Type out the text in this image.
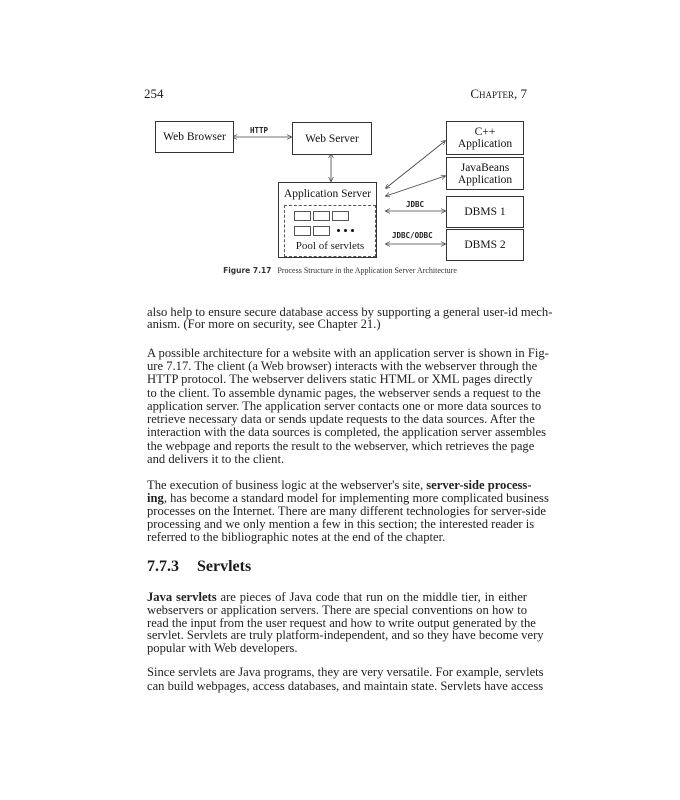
254	Chapter, 7
Web Browser
HTTP
Web Server
C++
Application
JavaBeans
Application
Application Server
Pool of servlets
JDBC
DBMS 1
JDBC/ODBC
DBMS 2
Figure 7.17 Process Structure in the Application Server Architecture
also help to ensure secure database access by supporting a general user-id mech-
anism. (For more on security, see Chapter 21.)
A possible architecture for a website with an application server is shown in Fig-
ure 7.17. The client (a Web browser) interacts with the webserver through the
HTTP protocol. The webserver delivers static HTML or XML pages directly
to the client. To assemble dynamic pages, the webserver sends a request to the
application server. The application server contacts one or more data sources to
retrieve necessary data or sends update requests to the data sources. After the
interaction with the data sources is completed, the application server assembles
the webpage and reports the result to the webserver, which retrieves the page
and delivers it to the client.
The execution of business logic at the webserver's site, server-side process-
ing, has become a standard model for implementing more complicated business
processes on the Internet. There are many different technologies for server-side
processing and we only mention a few in this section; the interested reader is
referred to the bibliographic notes at the end of the chapter.
7.7.3 Servlets
Java servlets are pieces of Java code that run on the middle tier, in either
webservers or application servers. There are special conventions on how to
read the input from the user request and how to write output generated by the
servlet. Servlets are truly platform-independent, and so they have become very
popular with Web developers.
Since servlets are Java programs, they are very versatile. For example, servlets
can build webpages, access databases, and maintain state. Servlets have access
